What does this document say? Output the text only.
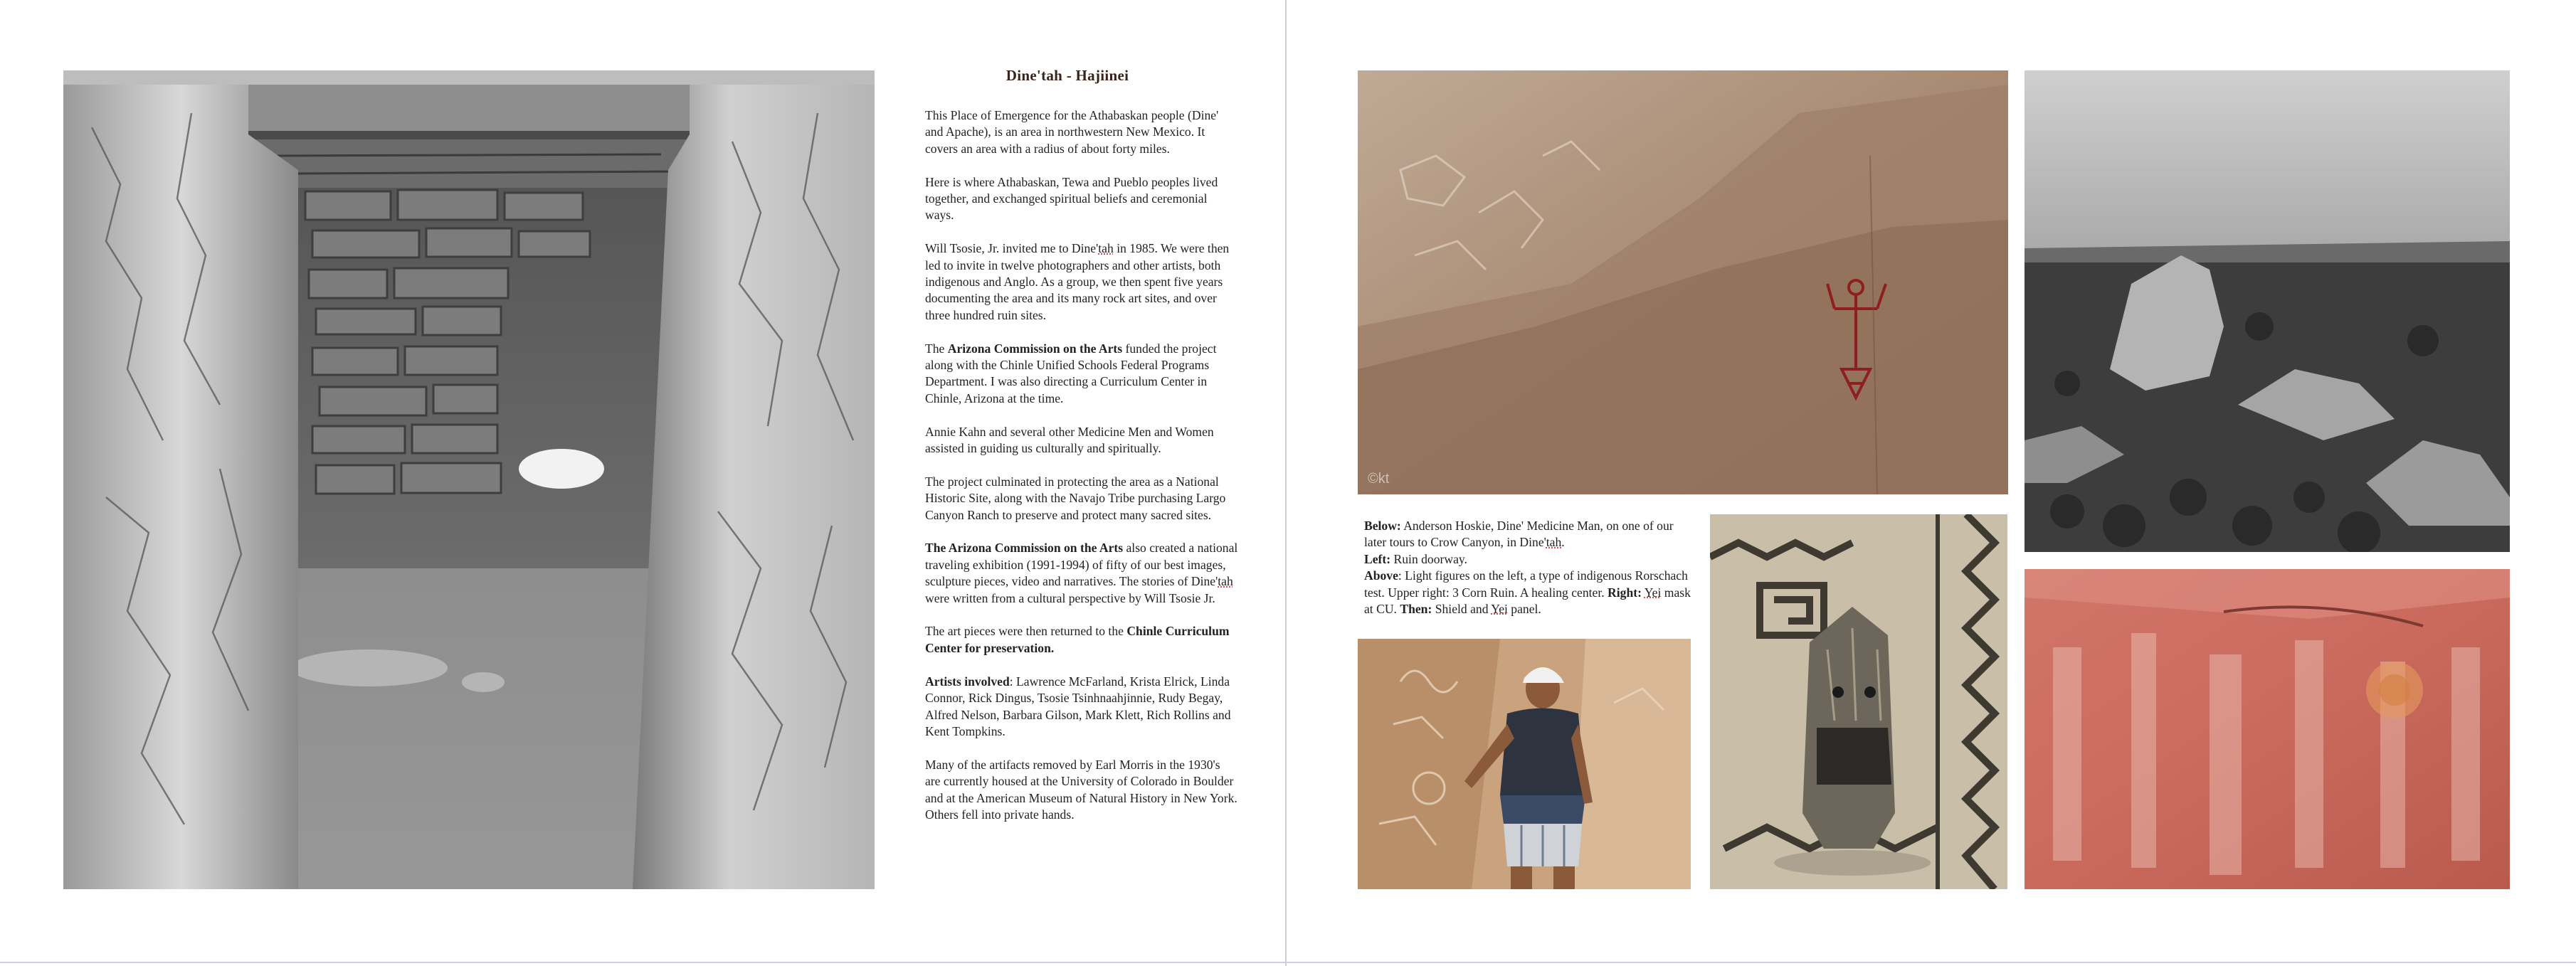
Dine'tah - Hajiinei

This Place of Emergence for the Athabaskan people (Dine' and Apache), is an area in northwestern New Mexico. It covers an area with a radius of about forty miles.

Here is where Athabaskan, Tewa and Pueblo peoples lived together, and exchanged spiritual beliefs and ceremonial ways.

Will Tsosie, Jr. invited me to Dine'tah in 1985. We were then led to invite in twelve photographers and other artists, both indigenous and Anglo. As a group, we then spent five years documenting the area and its many rock art sites, and over three hundred ruin sites.

The Arizona Commission on the Arts funded the project along with the Chinle Unified Schools Federal Programs Department. I was also directing a Curriculum Center in Chinle, Arizona at the time.

Annie Kahn and several other Medicine Men and Women assisted in guiding us culturally and spiritually.

The project culminated in protecting the area as a National Historic Site, along with the Navajo Tribe purchasing Largo Canyon Ranch to preserve and protect many sacred sites.

The Arizona Commission on the Arts also created a national traveling exhibition (1991-1994) of fifty of our best images, sculpture pieces, video and narratives. The stories of Dine'tah were written from a cultural perspective by Will Tsosie Jr.

The art pieces were then returned to the Chinle Curriculum Center for preservation.

Artists involved: Lawrence McFarland, Krista Elrick, Linda Connor, Rick Dingus, Tsosie Tsinhnaahjinnie, Rudy Begay, Alfred Nelson, Barbara Gilson, Mark Klett, Rich Rollins and Kent Tompkins.

Many of the artifacts removed by Earl Morris in the 1930's are currently housed at the University of Colorado in Boulder and at the American Museum of Natural History in New York. Others fell into private hands.

©kt
Below: Anderson Hoskie, Dine' Medicine Man, on one of our later tours to Crow Canyon, in Dine'tah.
Left: Ruin doorway.
Above: Light figures on the left, a type of indigenous Rorschach test. Upper right: 3 Corn Ruin. A healing center. Right: Yei mask at CU. Then: Shield and Yei panel.
